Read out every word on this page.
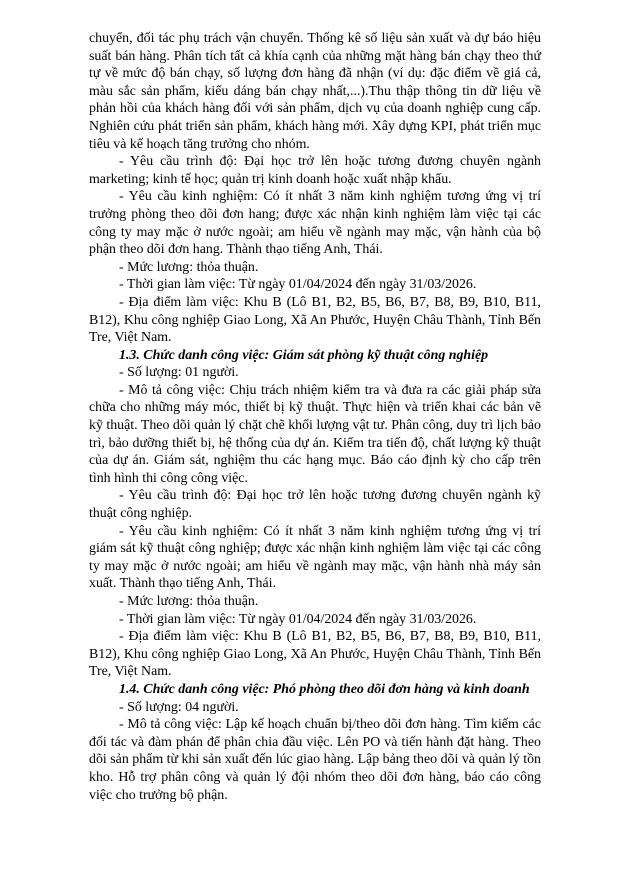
chuyển, đối tác phụ trách vận chuyển. Thống kê số liệu sản xuất và dự báo hiệu suất bán hàng. Phân tích tất cả khía cạnh của những mặt hàng bán chạy theo thứ tự về mức độ bán chạy, số lượng đơn hàng đã nhận (ví dụ: đặc điểm về giá cả, màu sắc sản phẩm, kiểu dáng bán chạy nhất,...).Thu thập thông tin dữ liệu về phản hồi của khách hàng đối với sản phẩm, dịch vụ của doanh nghiệp cung cấp. Nghiên cứu phát triển sản phẩm, khách hàng mới. Xây dựng KPI, phát triển mục tiêu và kế hoạch tăng trưởng cho nhóm.

- Yêu cầu trình độ: Đại học trở lên hoặc tương đương chuyên ngành marketing; kinh tế học; quản trị kinh doanh hoặc xuất nhập khẩu.

- Yêu cầu kinh nghiệm: Có ít nhất 3 năm kinh nghiệm tương ứng vị trí trưởng phòng theo dõi đơn hang; được xác nhận kinh nghiệm làm việc tại các công ty may mặc ở nước ngoài; am hiểu về ngành may mặc, vận hành của bộ phận theo dõi đơn hang. Thành thạo tiếng Anh, Thái.

- Mức lương: thỏa thuận.

- Thời gian làm việc: Từ ngày 01/04/2024 đến ngày 31/03/2026.

- Địa điểm làm việc: Khu B (Lô B1, B2, B5, B6, B7, B8, B9, B10, B11, B12), Khu công nghiệp Giao Long, Xã An Phước, Huyện Châu Thành, Tỉnh Bến Tre, Việt Nam.

1.3. Chức danh công việc: Giám sát phòng kỹ thuật công nghiệp

- Số lượng: 01 người.

- Mô tả công việc: Chịu trách nhiệm kiểm tra và đưa ra các giải pháp sửa chữa cho những máy móc, thiết bị kỹ thuật. Thực hiện và triển khai các bản vẽ kỹ thuật. Theo dõi quản lý chặt chẽ khối lượng vật tư. Phân công, duy trì lịch bảo trì, bảo dưỡng thiết bị, hệ thống của dự án. Kiểm tra tiến độ, chất lượng kỹ thuật của dự án. Giám sát, nghiệm thu các hạng mục. Báo cáo định kỳ cho cấp trên tình hình thi công công việc.

- Yêu cầu trình độ: Đại học trở lên hoặc tương đương chuyên ngành kỹ thuật công nghiệp.

- Yêu cầu kinh nghiệm: Có ít nhất 3 năm kinh nghiệm tương ứng vị trí giám sát kỹ thuật công nghiệp; được xác nhận kinh nghiệm làm việc tại các công ty may mặc ở nước ngoài; am hiểu về ngành may mặc, vận hành nhà máy sản xuất. Thành thạo tiếng Anh, Thái.

- Mức lương: thỏa thuận.

- Thời gian làm việc: Từ ngày 01/04/2024 đến ngày 31/03/2026.

- Địa điểm làm việc: Khu B (Lô B1, B2, B5, B6, B7, B8, B9, B10, B11, B12), Khu công nghiệp Giao Long, Xã An Phước, Huyện Châu Thành, Tỉnh Bến Tre, Việt Nam.

1.4. Chức danh công việc: Phó phòng theo dõi đơn hàng và kinh doanh

- Số lượng: 04 người.

- Mô tả công việc: Lập kế hoạch chuẩn bị/theo dõi đơn hàng. Tìm kiếm các đối tác và đàm phán để phân chia đầu việc. Lên PO và tiến hành đặt hàng. Theo dõi sản phẩm từ khi sản xuất đến lúc giao hàng. Lập bảng theo dõi và quản lý tồn kho. Hỗ trợ phân công và quản lý đội nhóm theo dõi đơn hàng, báo cáo công việc cho trưởng bộ phận.
